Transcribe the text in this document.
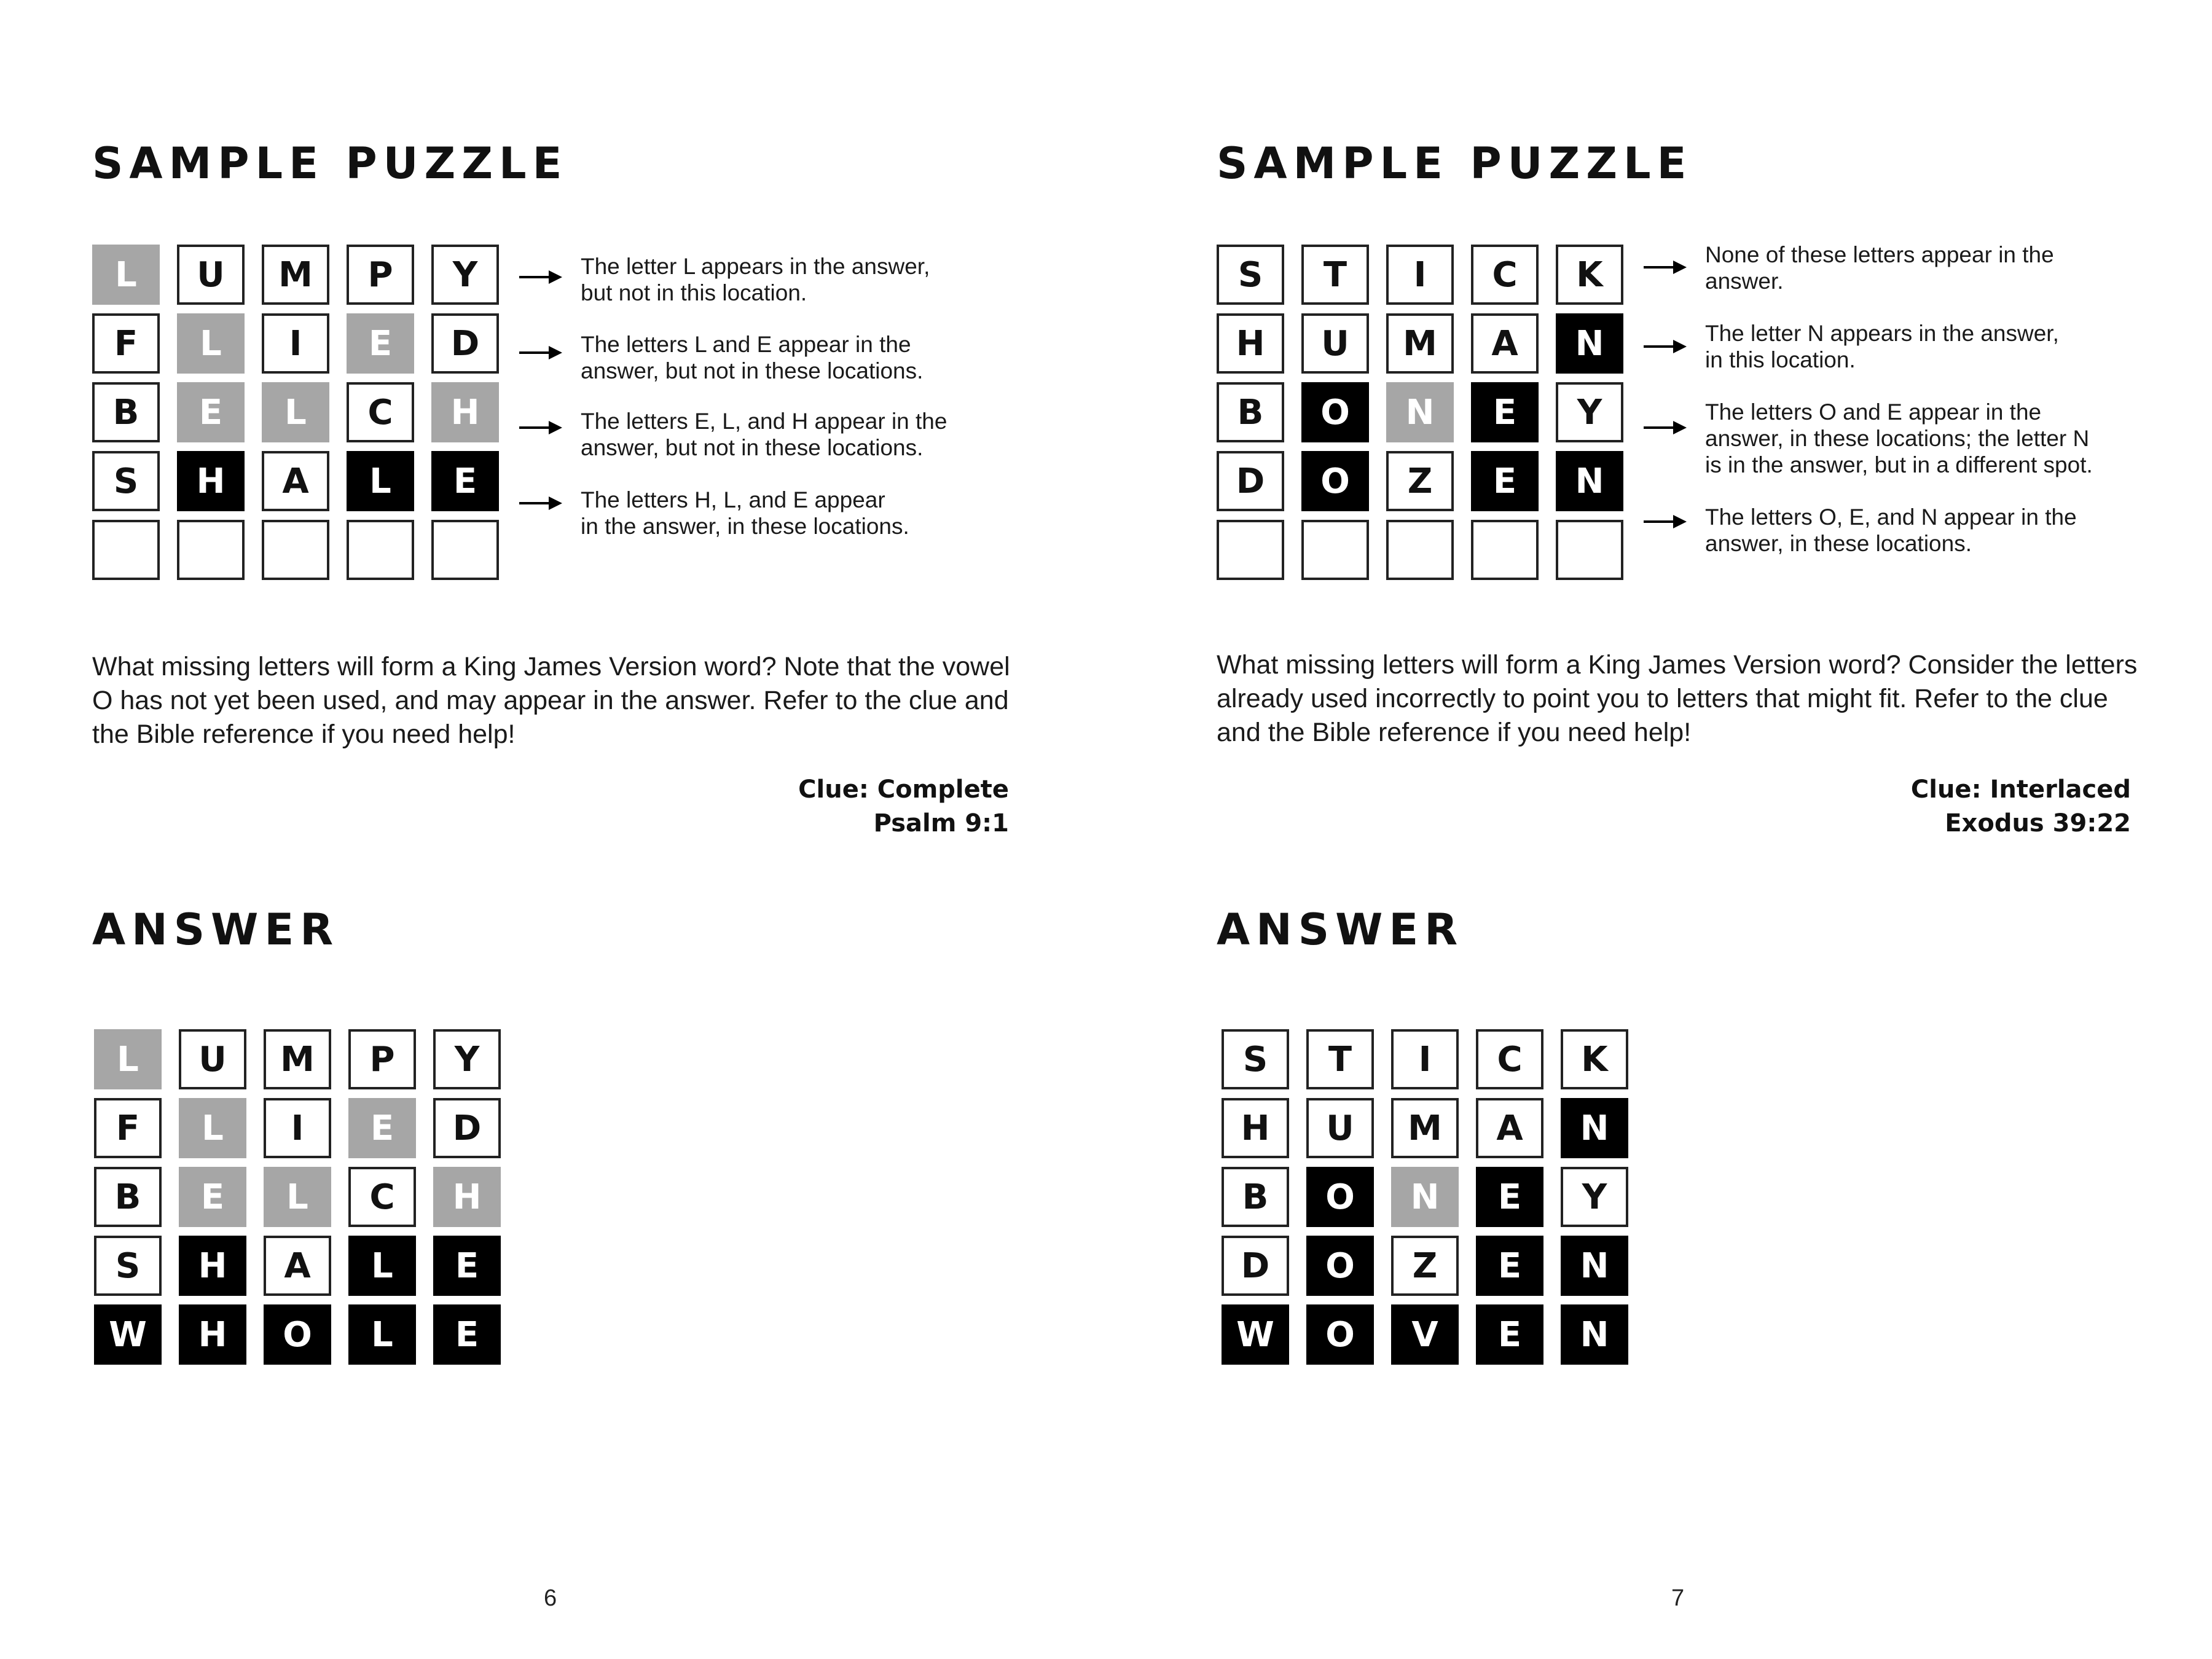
SAMPLE PUZZLE
L	U	M	P	Y
F	L	I	E	D
B	E	L	C	H
S	H	A	L	E
The letter L appears in the answer,
but not in this location.
The letters L and E appear in the
answer, but not in these locations.
The letters E, L, and H appear in the
answer, but not in these locations.
The letters H, L, and E appear
in the answer, in these locations.

What missing letters will form a King James Version word? Note that the vowel O has not yet been used, and may appear in the answer. Refer to the clue and the Bible reference if you need help!

Clue: Complete
Psalm 9:1

ANSWER
L	U	M	P	Y
F	L	I	E	D
B	E	L	C	H
S	H	A	L	E
W	H	O	L	E
6
SAMPLE PUZZLE
S	T	I	C	K
H	U	M	A	N
B	O	N	E	Y
D	O	Z	E	N
None of these letters appear in the
answer.
The letter N appears in the answer,
in this location.
The letters O and E appear in the
answer, in these locations; the letter N
is in the answer, but in a different spot.
The letters O, E, and N appear in the
answer, in these locations.

What missing letters will form a King James Version word? Consider the letters already used incorrectly to point you to letters that might fit. Refer to the clue and the Bible reference if you need help!

Clue: Interlaced
Exodus 39:22

ANSWER
S	T	I	C	K
H	U	M	A	N
B	O	N	E	Y
D	O	Z	E	N
W	O	V	E	N
7
